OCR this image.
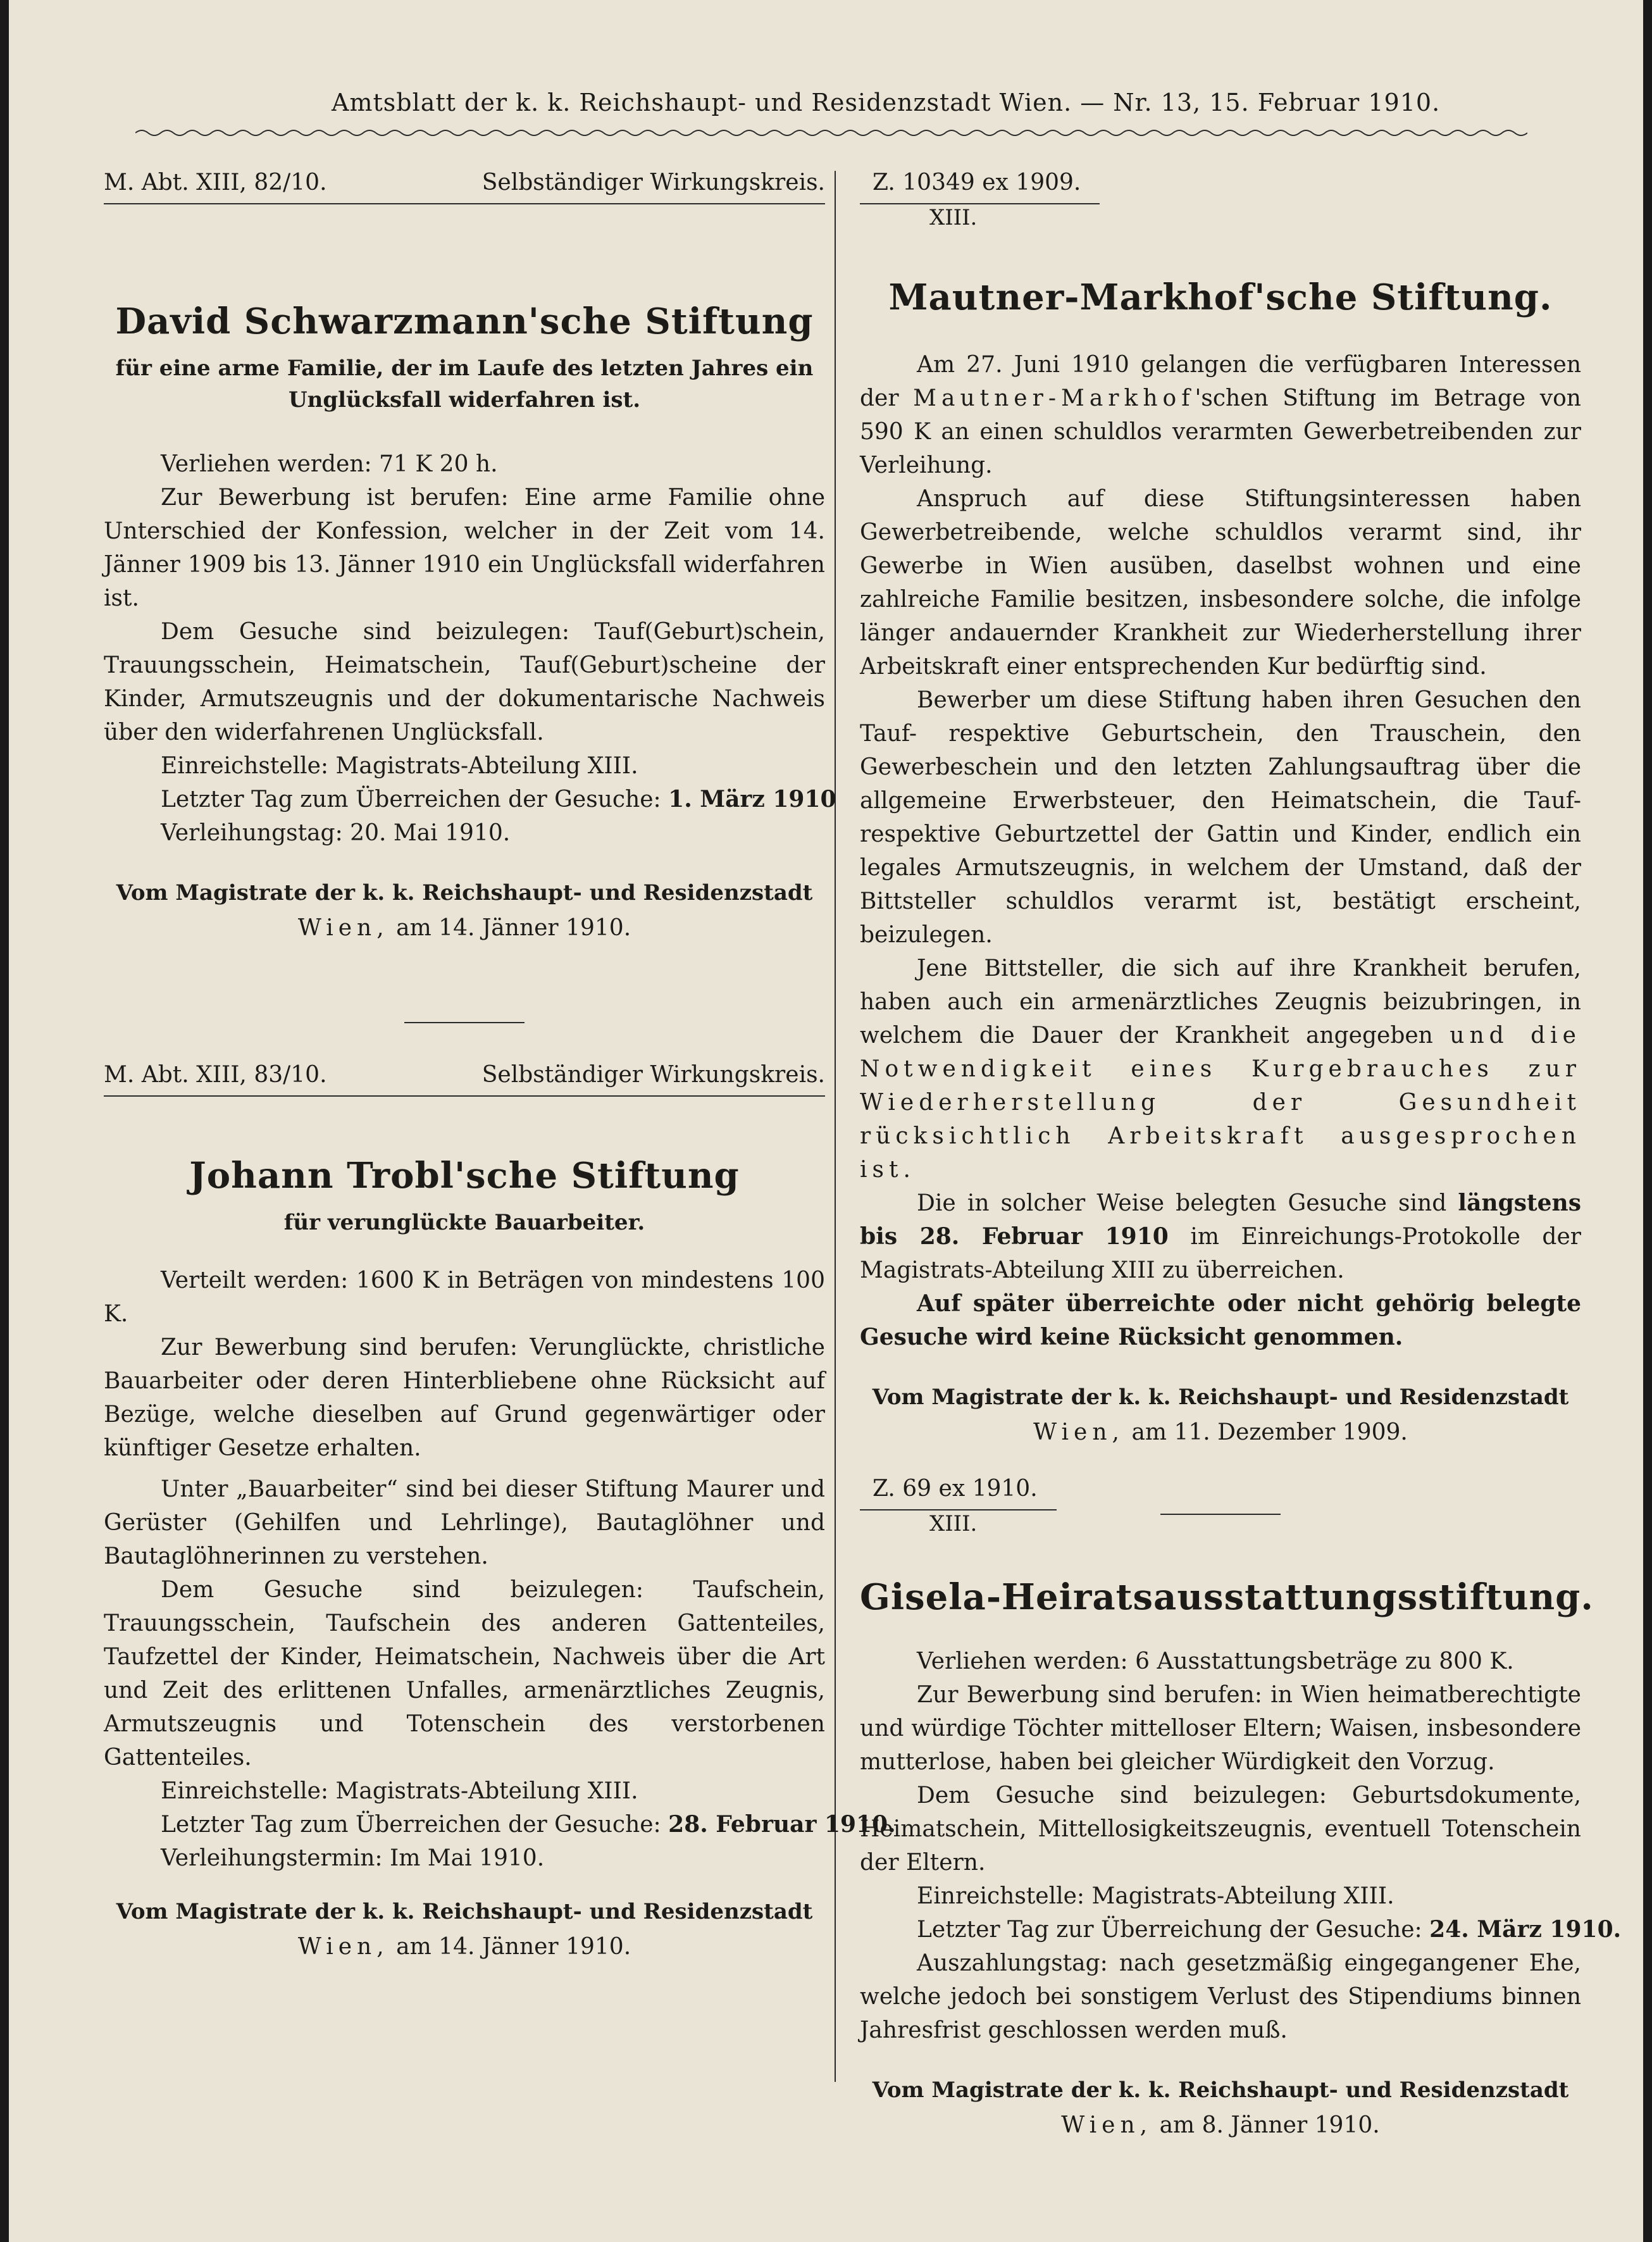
Amtsblatt der k. k. Reichshaupt- und Residenzstadt Wien. — Nr. 13, 15. Februar 1910.
M. Abt. XIII, 82/10.	Selbständiger Wirkungskreis.
David Schwarzmann'sche Stiftung
für eine arme Familie, der im Laufe des letzten Jahres ein
Unglücksfall widerfahren ist.

Verliehen werden: 71 K 20 h.

Zur Bewerbung ist berufen: Eine arme Familie ohne Unterschied der Konfession, welcher in der Zeit vom 14. Jänner 1909 bis 13. Jänner 1910 ein Unglücksfall widerfahren ist.

Dem Gesuche sind beizulegen: Tauf(Geburt)schein, Trauungsschein, Heimatschein, Tauf(Geburt)scheine der Kinder, Armutszeugnis und der dokumentarische Nachweis über den widerfahrenen Unglücksfall.

Einreichstelle: Magistrats-Abteilung XIII.

Letzter Tag zum Überreichen der Gesuche: 1. März 1910

Verleihungstag: 20. Mai 1910.

Vom Magistrate der k. k. Reichshaupt- und Residenzstadt
Wien, am 14. Jänner 1910.
M. Abt. XIII, 83/10.	Selbständiger Wirkungskreis.
Johann Trobl'sche Stiftung
für verunglückte Bauarbeiter.

Verteilt werden: 1600 K in Beträgen von mindestens 100 K.

Zur Bewerbung sind berufen: Verunglückte, christliche Bauarbeiter oder deren Hinterbliebene ohne Rücksicht auf Bezüge, welche dieselben auf Grund gegenwärtiger oder künftiger Gesetze erhalten.

Unter „Bauarbeiter“ sind bei dieser Stiftung Maurer und Gerüster (Gehilfen und Lehrlinge), Bautaglöhner und Bautaglöhnerinnen zu verstehen.

Dem Gesuche sind beizulegen: Taufschein, Trauungsschein, Taufschein des anderen Gattenteiles, Taufzettel der Kinder, Heimatschein, Nachweis über die Art und Zeit des erlittenen Unfalles, armenärztliches Zeugnis, Armutszeugnis und Totenschein des verstorbenen Gattenteiles.

Einreichstelle: Magistrats-Abteilung XIII.

Letzter Tag zum Überreichen der Gesuche: 28. Februar 1910.

Verleihungstermin: Im Mai 1910.

Vom Magistrate der k. k. Reichshaupt- und Residenzstadt
Wien, am 14. Jänner 1910.
Z. 10349 ex 1909.
XIII.
Mautner-Markhof'sche Stiftung.

Am 27. Juni 1910 gelangen die verfügbaren Interessen der Mautner-Markhof'schen Stiftung im Betrage von 590 K an einen schuldlos verarmten Gewerbetreibenden zur Verleihung.

Anspruch auf diese Stiftungsinteressen haben Gewerbetreibende, welche schuldlos verarmt sind, ihr Gewerbe in Wien ausüben, daselbst wohnen und eine zahlreiche Familie besitzen, insbesondere solche, die infolge länger andauernder Krankheit zur Wiederherstellung ihrer Arbeitskraft einer entsprechenden Kur bedürftig sind.

Bewerber um diese Stiftung haben ihren Gesuchen den Tauf- respektive Geburtschein, den Trauschein, den Gewerbeschein und den letzten Zahlungsauftrag über die allgemeine Erwerbsteuer, den Heimatschein, die Tauf- respektive Geburtzettel der Gattin und Kinder, endlich ein legales Armutszeugnis, in welchem der Umstand, daß der Bittsteller schuldlos verarmt ist, bestätigt erscheint, beizulegen.

Jene Bittsteller, die sich auf ihre Krankheit berufen, haben auch ein armenärztliches Zeugnis beizubringen, in welchem die Dauer der Krankheit angegeben und die Notwendigkeit eines Kurgebrauches zur Wiederherstellung der Gesundheit rücksichtlich Arbeitskraft ausgesprochen ist.

Die in solcher Weise belegten Gesuche sind längstens bis 28. Februar 1910 im Einreichungs-Protokolle der Magistrats-Abteilung XIII zu überreichen.

Auf später überreichte oder nicht gehörig belegte Gesuche wird keine Rücksicht genommen.

Vom Magistrate der k. k. Reichshaupt- und Residenzstadt
Wien, am 11. Dezember 1909.
Z. 69 ex 1910.
XIII.
Gisela-Heiratsausstattungsstiftung.

Verliehen werden: 6 Ausstattungsbeträge zu 800 K.

Zur Bewerbung sind berufen: in Wien heimatberechtigte und würdige Töchter mittelloser Eltern; Waisen, insbesondere mutterlose, haben bei gleicher Würdigkeit den Vorzug.

Dem Gesuche sind beizulegen: Geburtsdokumente, Heimatschein, Mittellosigkeitszeugnis, eventuell Totenschein der Eltern.

Einreichstelle: Magistrats-Abteilung XIII.

Letzter Tag zur Überreichung der Gesuche: 24. März 1910.

Auszahlungstag: nach gesetzmäßig eingegangener Ehe, welche jedoch bei sonstigem Verlust des Stipendiums binnen Jahresfrist geschlossen werden muß.

Vom Magistrate der k. k. Reichshaupt- und Residenzstadt
Wien, am 8. Jänner 1910.
